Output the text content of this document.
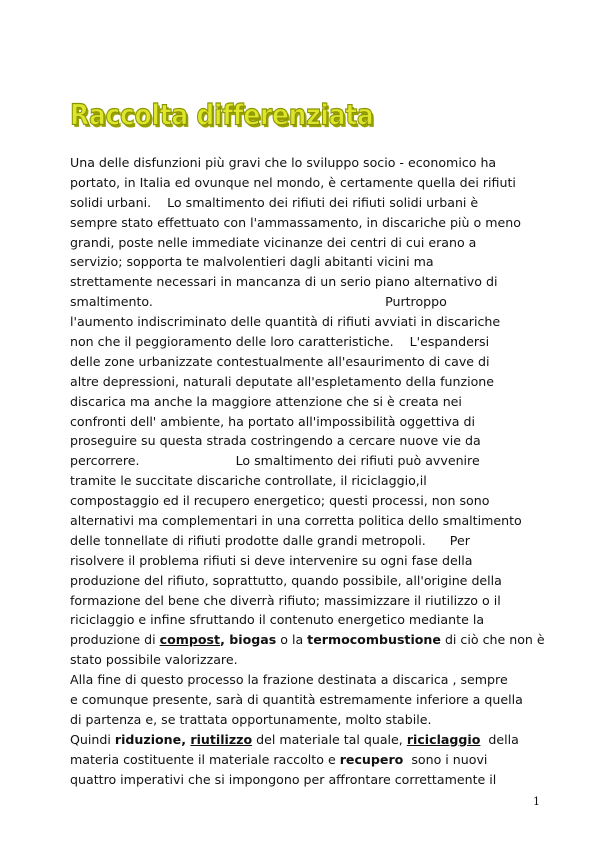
Raccolta differenziata
Una delle disfunzioni più gravi che lo sviluppo socio - economico ha
portato, in Italia ed ovunque nel mondo, è certamente quella dei rifiuti
solidi urbani.    Lo smaltimento dei rifiuti dei rifiuti solidi urbani è
sempre stato effettuato con l'ammassamento, in discariche più o meno
grandi, poste nelle immediate vicinanze dei centri di cui erano a
servizio; sopporta te malvolentieri dagli abitanti vicini ma
strettamente necessari in mancanza di un serio piano alternativo di
smaltimento.                                                          Purtroppo
l'aumento indiscriminato delle quantità di rifiuti avviati in discariche
non che il peggioramento delle loro caratteristiche.    L'espandersi
delle zone urbanizzate contestualmente all'esaurimento di cave di
altre depressioni, naturali deputate all'espletamento della funzione
discarica ma anche la maggiore attenzione che si è creata nei
confronti dell' ambiente, ha portato all'impossibilità oggettiva di
proseguire su questa strada costringendo a cercare nuove vie da
percorrere.                        Lo smaltimento dei rifiuti può avvenire
tramite le succitate discariche controllate, il riciclaggio,il
compostaggio ed il recupero energetico; questi processi, non sono
alternativi ma complementari in una corretta politica dello smaltimento
delle tonnellate di rifiuti prodotte dalle grandi metropoli.      Per
risolvere il problema rifiuti si deve intervenire su ogni fase della
produzione del rifiuto, soprattutto, quando possibile, all'origine della
formazione del bene che diverrà rifiuto; massimizzare il riutilizzo o il
riciclaggio e infine sfruttando il contenuto energetico mediante la
produzione di compost, biogas o la termocombustione di ciò che non è
stato possibile valorizzare.
Alla fine di questo processo la frazione destinata a discarica , sempre
e comunque presente, sarà di quantità estremamente inferiore a quella
di partenza e, se trattata opportunamente, molto stabile.
Quindi riduzione, riutilizzo del materiale tal quale, riciclaggio  della
materia costituente il materiale raccolto e recupero  sono i nuovi
quattro imperativi che si impongono per affrontare correttamente il
1
